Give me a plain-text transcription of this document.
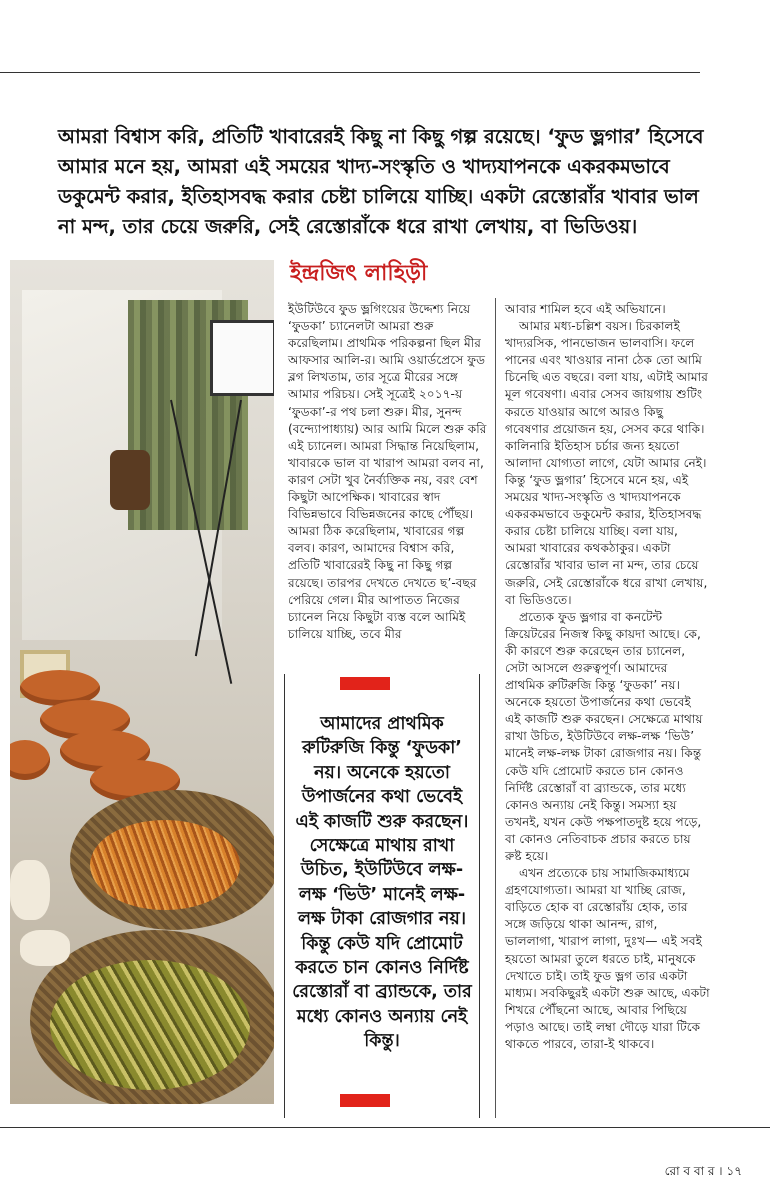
আমরা বিশ্বাস করি, প্রতিটি খাবারেরই কিছু না কিছু গল্প রয়েছে। ‘ফুড ভ্লগার’ হিসেবে আমার মনে হয়, আমরা এই সময়ের খাদ্য-সংস্কৃতি ও খাদ্যযাপনকে একরকমভাবে ডকুমেন্ট করার, ইতিহাসবদ্ধ করার চেষ্টা চালিয়ে যাচ্ছি। একটা রেস্তোরাঁর খাবার ভাল না মন্দ, তার চেয়ে জরুরি, সেই রেস্তোরাঁকে ধরে রাখা লেখায়, বা ভিডিওয়।
ইন্দ্রজিৎ লাহিড়ী

ইউটিউবে ফুড ভ্লগিংয়ের উদ্দেশ্য নিয়ে ‘ফুডকা’ চ্যানেলটা আমরা শুরু করেছিলাম। প্রাথমিক পরিকল্পনা ছিল মীর আফসার আলি-র। আমি ওয়ার্ডপ্রেসে ফুড ব্লগ লিখতাম, তার সূত্রে মীরের সঙ্গে আমার পরিচয়। সেই সূত্রেই ২০১৭-য় ‘ফুডকা’-র পথ চলা শুরু। মীর, সুনন্দ (বন্দ্যোপাধ্যায়) আর আমি মিলে শুরু করি এই চ্যানেল। আমরা সিদ্ধান্ত নিয়েছিলাম, খাবারকে ভাল বা খারাপ আমরা বলব না, কারণ সেটা খুব নৈর্ব্যক্তিক নয়, বরং বেশ কিছুটা আপেক্ষিক। খাবারের স্বাদ বিভিন্নভাবে বিভিন্নজনের কাছে পৌঁছয়। আমরা ঠিক করেছিলাম, খাবারের গল্প বলব। কারণ, আমাদের বিশ্বাস করি, প্রতিটি খাবারেরই কিছু না কিছু গল্প রয়েছে। তারপর দেখতে দেখতে ছ’-বছর পেরিয়ে গেল। মীর আপাতত নিজের চ্যানেল নিয়ে কিছুটা ব্যস্ত বলে আমিই চালিয়ে যাচ্ছি, তবে মীর

আবার শামিল হবে এই অভিযানে।

আমার মধ্য-চল্লিশ বয়স। চিরকালই খাদ্যরসিক, পানভোজন ভালবাসি। ফলে পানের এবং খাওয়ার নানা ঠেক তো আমি চিনেছি এত বছরে। বলা যায়, এটাই আমার মূল গবেষণা। এবার সেসব জায়গায় শুটিং করতে যাওয়ার আগে আরও কিছু গবেষণার প্রয়োজন হয়, সেসব করে থাকি। কালিনারি ইতিহাস চর্চার জন্য হয়তো আলাদা যোগ্যতা লাগে, যেটা আমার নেই। কিন্তু ‘ফুড ভ্লগার’ হিসেবে মনে হয়, এই সময়ের খাদ্য-সংস্কৃতি ও খাদ্যযাপনকে একরকমভাবে ডকুমেন্ট করার, ইতিহাসবদ্ধ করার চেষ্টা চালিয়ে যাচ্ছি। বলা যায়, আমরা খাবারের কথকঠাকুর। একটা রেস্তোরাঁর খাবার ভাল না মন্দ, তার চেয়ে জরুরি, সেই রেস্তোরাঁকে ধরে রাখা লেখায়, বা ভিডিওতে।

প্রত্যেক ফুড ভ্লগার বা কনটেন্ট ক্রিয়েটরের নিজস্ব কিছু কায়দা আছে। কে, কী কারণে শুরু করেছেন তার চ্যানেল, সেটা আসলে গুরুত্বপূর্ণ। আমাদের প্রাথমিক রুটিরুজি কিন্তু ‘ফুডকা’ নয়। অনেকে হয়তো উপার্জনের কথা ভেবেই এই কাজটি শুরু করছেন। সেক্ষেত্রে মাথায় রাখা উচিত, ইউটিউবে লক্ষ-লক্ষ ‘ভিউ’ মানেই লক্ষ-লক্ষ টাকা রোজগার নয়। কিন্তু কেউ যদি প্রোমোট করতে চান কোনও নির্দিষ্ট রেস্তোরাঁ বা ব্র্যান্ডকে, তার মধ্যে কোনও অন্যায় নেই কিন্তু। সমস্যা হয় তখনই, যখন কেউ পক্ষপাতদুষ্ট হয়ে পড়ে, বা কোনও নেতিবাচক প্রচার করতে চায় রুষ্ট হয়ে।

এখন প্রত্যেকে চায় সামাজিকমাধ্যমে গ্রহণযোগ্যতা। আমরা যা খাচ্ছি রোজ, বাড়িতে হোক বা রেস্তোরাঁয় হোক, তার সঙ্গে জড়িয়ে থাকা আনন্দ, রাগ, ভাললাগা, খারাপ লাগা, দুঃখ— এই সবই হয়তো আমরা তুলে ধরতে চাই, মানুষকে দেখাতে চাই। তাই ফুড ভ্লগ তার একটা মাধ্যম। সবকিছুরই একটা শুরু আছে, একটা শিখরে পৌঁছনো আছে, আবার পিছিয়ে পড়াও আছে। তাই লম্বা দৌড়ে যারা টিকে থাকতে পারবে, তারা-ই থাকবে।

আমাদের প্রাথমিক রুটিরুজি কিন্তু ‘ফুডকা’ নয়। অনেকে হয়তো উপার্জনের কথা ভেবেই এই কাজটি শুরু করছেন। সেক্ষেত্রে মাথায় রাখা উচিত, ইউটিউবে লক্ষ-লক্ষ ‘ভিউ’ মানেই লক্ষ-লক্ষ টাকা রোজগার নয়। কিন্তু কেউ যদি প্রোমোট করতে চান কোনও নির্দিষ্ট রেস্তোরাঁ বা ব্র্যান্ডকে, তার মধ্যে কোনও অন্যায় নেই কিন্তু।
রো ব বা র । ১৭
